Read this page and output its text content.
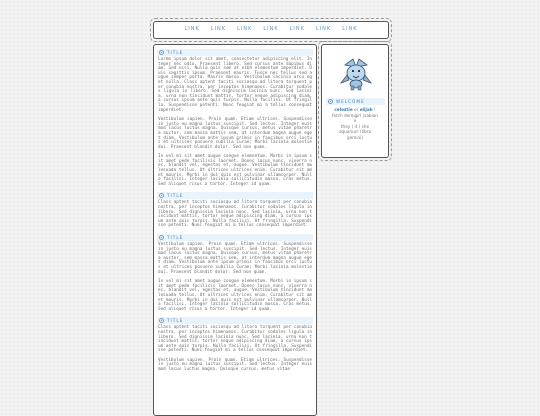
LINK LINK LINK LINK LINK LINK LINK
TITLE
Lorem ipsum dolor sit amet, consectetur adipiscing elit. Integer nec odio. Praesent libero. Sed cursus ante dapibus diam. Sed nisi. Nulla quis sem at nibh elementum imperdiet. Duis sagittis ipsum. Praesent mauris. Fusce nec tellus sed augue semper porta. Mauris massa. Vestibulum lacinia arcu eget nulla. Class aptent taciti sociosqu ad litora torquent per conubia nostra, per inceptos himenaeos. Curabitur sodales ligula in libero. Sed dignissim lacinia nunc. Sed lacinia, urna non tincidunt mattis, tortor neque adipiscing diam, a cursus ipsum ante quis turpis. Nulla facilisi. Ut fringilla. Suspendisse potenti. Nunc feugiat mi a tellus consequat imperdiet.
Vestibulum sapien. Proin quam. Etiam ultrices. Suspendisse in justo eu magna luctus suscipit. Sed lectus. Integer euismod lacus luctus magna. Quisque cursus, metus vitae pharetra auctor, sem massa mattis sem, at interdum magna augue eget diam. Vestibulum ante ipsum primis in faucibus orci luctus et ultrices posuere cubilia Curae; Morbi lacinia molestie dui. Praesent blandit dolor. Sed non quam.
In vel mi sit amet augue congue elementum. Morbi in ipsum sit amet pede facilisis laoreet. Donec lacus nunc, viverra nec, blandit vel, egestas et, augue. Vestibulum tincidunt malesuada tellus. Ut ultrices ultrices enim. Curabitur sit amet mauris. Morbi in dui quis est pulvinar ullamcorper. Nulla facilisi. Integer lacinia sollicitudin massa. Cras metus. Sed aliquet risus a tortor. Integer id quam.
TITLE
Class aptent taciti sociosqu ad litora torquent per conubia nostra, per inceptos himenaeos. Curabitur sodales ligula in libero. Sed dignissim lacinia nunc. Sed lacinia, urna non tincidunt mattis, tortor neque adipiscing diam, a cursus ipsum ante quis turpis. Nulla facilisi. Ut fringilla. Suspendisse potenti. Nunc feugiat mi a tellus consequat imperdiet.
TITLE
Vestibulum sapien. Proin quam. Etiam ultrices. Suspendisse in justo eu magna luctus suscipit. Sed lectus. Integer euismod lacus luctus magna. Quisque cursus, metus vitae pharetra auctor, sem massa mattis sem, at interdum magna augue eget diam. Vestibulum ante ipsum primis in faucibus orci luctus et ultrices posuere cubilia Curae; Morbi lacinia molestie dui. Praesent blandit dolor. Sed non quam.
In vel mi sit amet augue congue elementum. Morbi in ipsum sit amet pede facilisis laoreet. Donec lacus nunc, viverra nec, blandit vel, egestas et, augue. Vestibulum tincidunt malesuada tellus. Ut ultrices ultrices enim. Curabitur sit amet mauris. Morbi in dui quis est pulvinar ullamcorper. Nulla facilisi. Integer lacinia sollicitudin massa. Cras metus. Sed aliquet risus a tortor. Integer id quam.
TITLE
Class aptent taciti sociosqu ad litora torquent per conubia nostra, per inceptos himenaeos. Curabitur sodales ligula in libero. Sed dignissim lacinia nunc. Sed lacinia, urna non tincidunt mattis, tortor neque adipiscing diam, a cursus ipsum ante quis turpis. Nulla facilisi. Ut fringilla. Suspendisse potenti. Nunc feugiat mi a tellus consequat imperdiet.
Vestibulum sapien. Proin quam. Etiam ultrices. Suspendisse in justo eu magna luctus suscipit. Sed lectus. Integer euismod lacus luctus magna. Quisque cursus, metus vitae
WELCOME
celestie or elijah !
fetch demigirl (sabian
e
they ( it ) she
aquarius! (libra
gemini)
